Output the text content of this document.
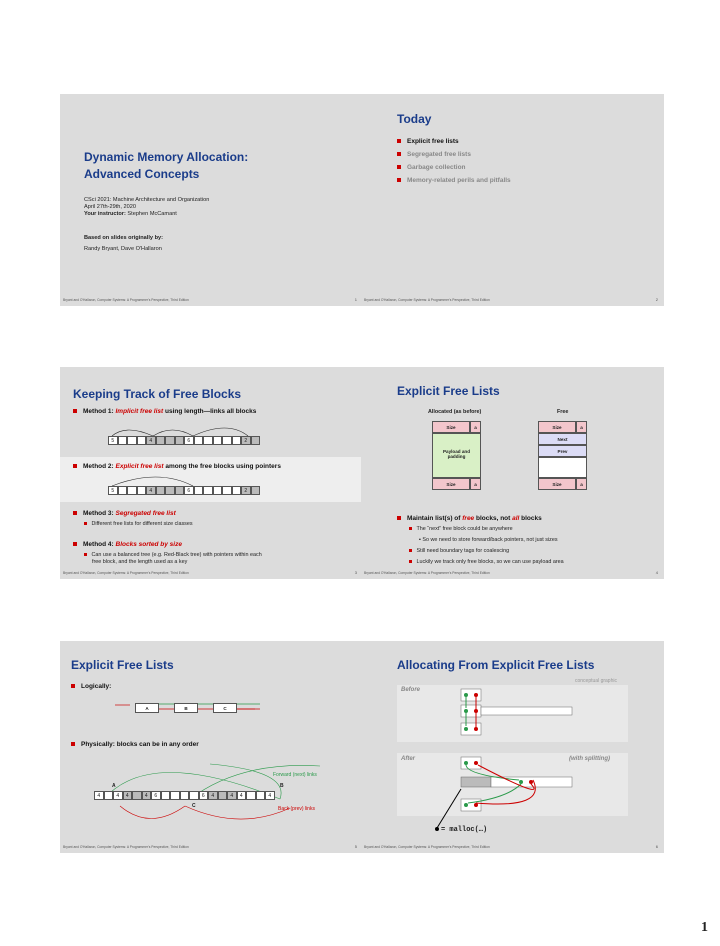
Dynamic Memory Allocation:
Advanced Concepts
CSci 2021: Machine Architecture and Organization
April 27th-29th, 2020
Your instructor: Stephen McCamant
Based on slides originally by:
Randy Bryant, Dave O'Hallaron
Bryant and O'Hallaron, Computer Systems: A Programmer's Perspective, Third Edition	1
Today
Explicit free lists
Segregated free lists
Garbage collection
Memory-related perils and pitfalls
Bryant and O'Hallaron, Computer Systems: A Programmer's Perspective, Third Edition	2
Keeping Track of Free Blocks
Method 1: Implicit free list using length—links all blocks
5	4	6	2
Method 2: Explicit free list among the free blocks using pointers
5	4	6	2
Method 3: Segregated free list
Different free lists for different size classes
Method 4: Blocks sorted by size
Can use a balanced tree (e.g. Red-Black tree) with pointers within each
free block, and the length used as a key
Bryant and O'Hallaron, Computer Systems: A Programmer's Perspective, Third Edition	3
Explicit Free Lists
Allocated (as before)	Free
Size	a
Payload and
padding
Size	a
Size	a
Next
Prev
Size	a
Maintain list(s) of free blocks, not all blocks
The “next” free block could be anywhere
▪ So we need to store forward/back pointers, not just sizes
Still need boundary tags for coalescing
Luckily we track only free blocks, so we can use payload area
Bryant and O'Hallaron, Computer Systems: A Programmer's Perspective, Third Edition	4
Explicit Free Lists
Logically:
A	B	C
Physically: blocks can be in any order
Forward (next) links
A	B
4	4	4	4	6	6	4	4	4	4
C	Back (prev) links
Bryant and O'Hallaron, Computer Systems: A Programmer's Perspective, Third Edition	5
Allocating From Explicit Free Lists
conceptual graphic
Before
After	(with splitting)
= malloc(…)
Bryant and O'Hallaron, Computer Systems: A Programmer's Perspective, Third Edition	6
1
